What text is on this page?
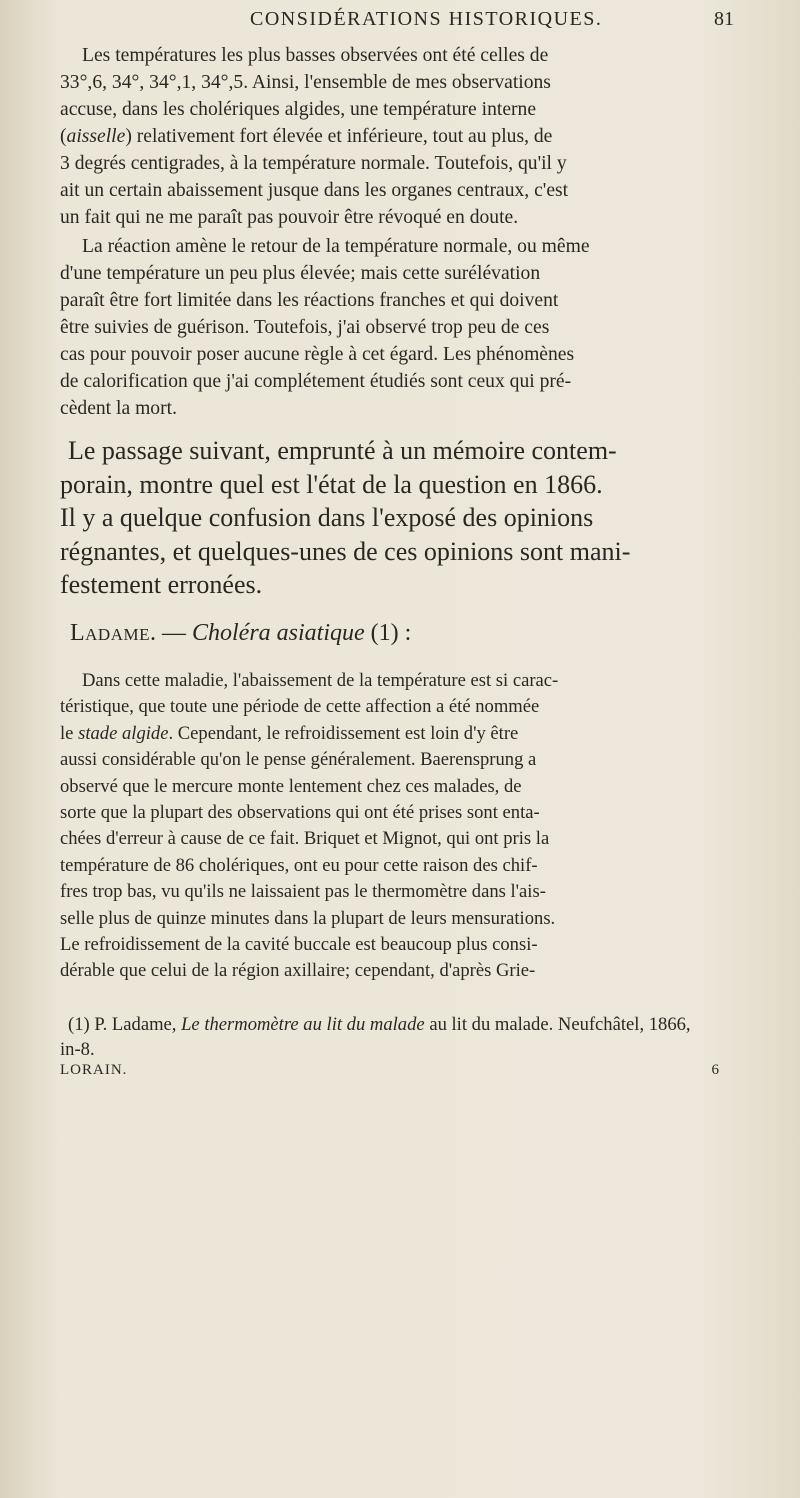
CONSIDÉRATIONS HISTORIQUES.	81
Les températures les plus basses observées ont été celles de
33°,6, 34°, 34°,1, 34°,5. Ainsi, l'ensemble de mes observations
accuse, dans les cholériques algides, une température interne
(aisselle) relativement fort élevée et inférieure, tout au plus, de
3 degrés centigrades, à la température normale. Toutefois, qu'il y
ait un certain abaissement jusque dans les organes centraux, c'est
un fait qui ne me paraît pas pouvoir être révoqué en doute.
La réaction amène le retour de la température normale, ou même
d'une température un peu plus élevée; mais cette surélévation
paraît être fort limitée dans les réactions franches et qui doivent
être suivies de guérison. Toutefois, j'ai observé trop peu de ces
cas pour pouvoir poser aucune règle à cet égard. Les phénomènes
de calorification que j'ai complétement étudiés sont ceux qui pré-
cèdent la mort.
Le passage suivant, emprunté à un mémoire contem-
porain, montre quel est l'état de la question en 1866.
Il y a quelque confusion dans l'exposé des opinions
régnantes, et quelques-unes de ces opinions sont mani-
festement erronées.
Ladame. — Choléra asiatique (1) :
Dans cette maladie, l'abaissement de la température est si carac-
téristique, que toute une période de cette affection a été nommée
le stade algide. Cependant, le refroidissement est loin d'y être
aussi considérable qu'on le pense généralement. Baerensprung a
observé que le mercure monte lentement chez ces malades, de
sorte que la plupart des observations qui ont été prises sont enta-
chées d'erreur à cause de ce fait. Briquet et Mignot, qui ont pris la
température de 86 cholériques, ont eu pour cette raison des chif-
fres trop bas, vu qu'ils ne laissaient pas le thermomètre dans l'ais-
selle plus de quinze minutes dans la plupart de leurs mensurations.
Le refroidissement de la cavité buccale est beaucoup plus consi-
dérable que celui de la région axillaire; cependant, d'après Grie-
(1) P. Ladame, Le thermomètre au lit du malade au lit du malade. Neufchâtel, 1866,
in-8.
LORAIN.	6
